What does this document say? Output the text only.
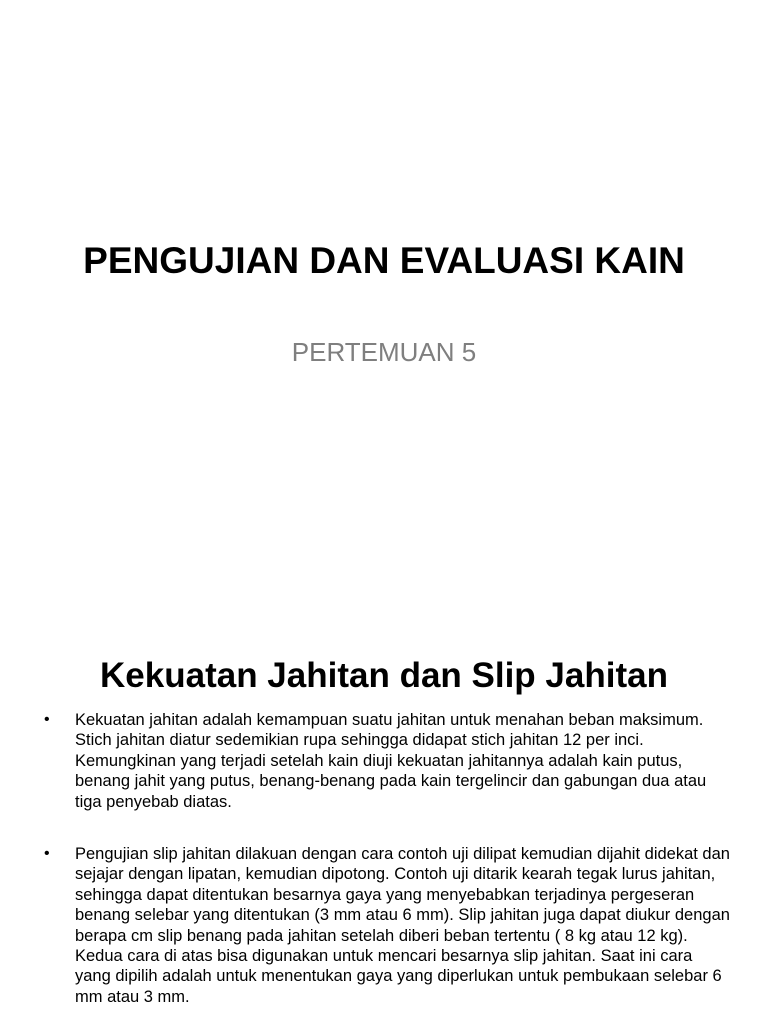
PENGUJIAN DAN EVALUASI KAIN
PERTEMUAN 5
Kekuatan Jahitan dan Slip Jahitan
• Kekuatan jahitan adalah kemampuan suatu jahitan untuk menahan beban maksimum. Stich jahitan diatur sedemikian rupa sehingga didapat stich jahitan 12 per inci. Kemungkinan yang terjadi setelah kain diuji kekuatan jahitannya adalah kain putus, benang jahit yang putus, benang-benang pada kain tergelincir dan gabungan dua atau tiga penyebab diatas.
• Pengujian slip jahitan dilakuan dengan cara contoh uji dilipat kemudian dijahit didekat dan sejajar dengan lipatan, kemudian dipotong. Contoh uji ditarik kearah tegak lurus jahitan, sehingga dapat ditentukan besarnya gaya yang menyebabkan terjadinya pergeseran benang selebar yang ditentukan (3 mm atau 6 mm). Slip jahitan juga dapat diukur dengan berapa cm slip benang pada jahitan setelah diberi beban tertentu ( 8 kg atau 12 kg). Kedua cara di atas bisa digunakan untuk mencari besarnya slip jahitan. Saat ini cara yang dipilih adalah untuk menentukan gaya yang diperlukan untuk pembukaan selebar 6 mm atau 3 mm.
